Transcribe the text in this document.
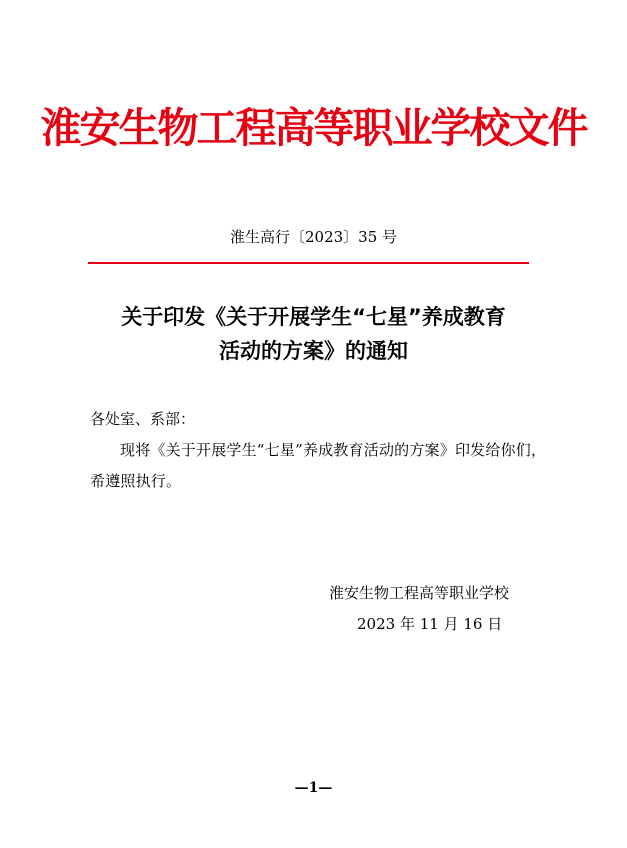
淮安生物工程高等职业学校文件
淮生高行〔2023〕35 号
关于印发《关于开展学生“七星”养成教育
活动的方案》的通知
各处室、系部：
现将《关于开展学生“七星”养成教育活动的方案》印发给你们，希遵照执行。
淮安生物工程高等职业学校
2023 年 11 月 16 日
—1—
